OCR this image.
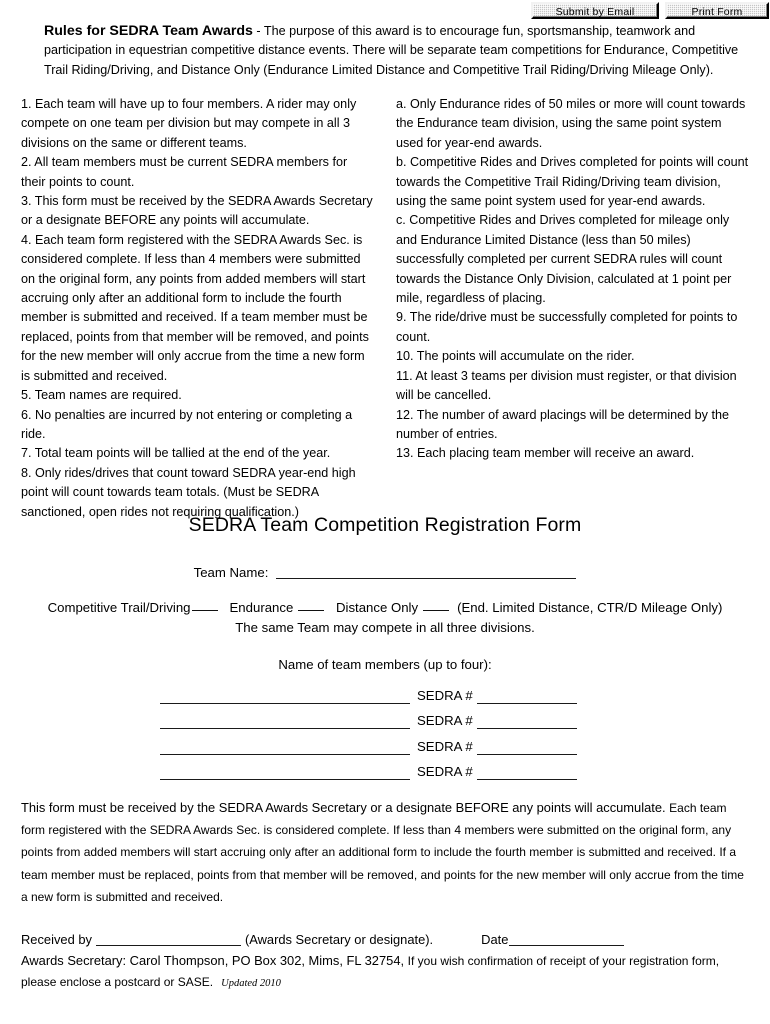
Submit by Email	Print Form
Rules for SEDRA Team Awards - The purpose of this award is to encourage fun, sportsmanship, teamwork and participation in equestrian competitive distance events. There will be separate team competitions for Endurance, Competitive Trail Riding/Driving, and Distance Only (Endurance Limited Distance and Competitive Trail Riding/Driving Mileage Only).

1. Each team will have up to four members. A rider may only compete on one team per division but may compete in all 3 divisions on the same or different teams.

2. All team members must be current SEDRA members for their points to count.

3. This form must be received by the SEDRA Awards Secretary or a designate BEFORE any points will accumulate.

4. Each team form registered with the SEDRA Awards Sec. is considered complete. If less than 4 members were submitted on the original form, any points from added members will start accruing only after an additional form to include the fourth member is submitted and received. If a team member must be replaced, points from that member will be removed, and points for the new member will only accrue from the time a new form is submitted and received.

5. Team names are required.

6. No penalties are incurred by not entering or completing a ride.

7. Total team points will be tallied at the end of the year.

8. Only rides/drives that count toward SEDRA year-end high point will count towards team totals. (Must be SEDRA sanctioned, open rides not requiring qualification.)

a. Only Endurance rides of 50 miles or more will count towards the Endurance team division, using the same point system used for year-end awards.

b. Competitive Rides and Drives completed for points will count towards the Competitive Trail Riding/Driving team division, using the same point system used for year-end awards.

c. Competitive Rides and Drives completed for mileage only and Endurance Limited Distance (less than 50 miles) successfully completed per current SEDRA rules will count towards the Distance Only Division, calculated at 1 point per mile, regardless of placing.

9. The ride/drive must be successfully completed for points to count.

10. The points will accumulate on the rider.

11. At least 3 teams per division must register, or that division will be cancelled.

12. The number of award placings will be determined by the number of entries.

13. Each placing team member will receive an award.

SEDRA Team Competition Registration Form
Team Name:
Competitive Trail/Driving	Endurance	Distance Only	(End. Limited Distance, CTR/D Mileage Only)
The same Team may compete in all three divisions.
Name of team members (up to four):
SEDRA #
SEDRA #
SEDRA #
SEDRA #
This form must be received by the SEDRA Awards Secretary or a designate BEFORE any points will accumulate. Each team form registered with the SEDRA Awards Sec. is considered complete. If less than 4 members were submitted on the original form, any points from added members will start accruing only after an additional form to include the fourth member is submitted and received. If a team member must be replaced, points from that member will be removed, and points for the new member will only accrue from the time a new form is submitted and received.
Received by	(Awards Secretary or designate).	Date
Awards Secretary: Carol Thompson, PO Box 302, Mims, FL 32754, If you wish confirmation of receipt of your registration form, please enclose a postcard or SASE. Updated 2010
